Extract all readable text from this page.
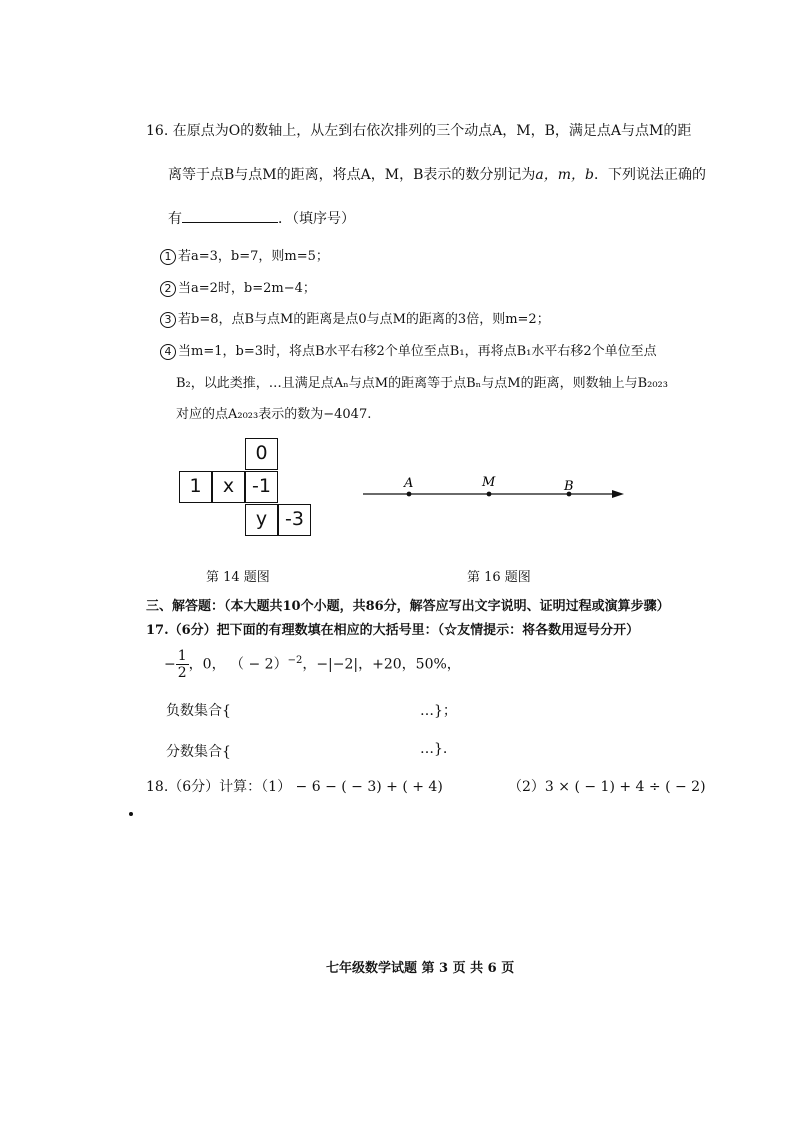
16. 在原点为O的数轴上，从左到右依次排列的三个动点A，M，B，满足点A与点M的距
离等于点B与点M的距离，将点A，M，B表示的数分别记为a，m，b．下列说法正确的
有	．（填序号）
1 若a=3，b=7，则m=5；
2 当a=2时，b=2m−4；
3 若b=8，点B与点M的距离是点0与点M的距离的3倍，则m=2；
4 当m=1，b=3时，将点B水平右移2个单位至点B₁，再将点B₁水平右移2个单位至点
B₂，以此类推，…且满足点Aₙ与点M的距离等于点Bₙ与点M的距离，则数轴上与B₂₀₂₃
对应的点A₂₀₂₃表示的数为−4047.
0
1	x -1
y -3
A	M	B
第 14 题图	第 16 题图
三、解答题：（本大题共10个小题，共86分，解答应写出文字说明、证明过程或演算步骤）
17.（6分）把下面的有理数填在相应的大括号里：（☆友情提示：将各数用逗号分开）
− $\frac{1}{2}$ ，0， （ − 2）$^{-2}$，−|−2|，+20，50%，
负数集合{	…}；
分数集合{	…}.
18.（6分）计算：（1） − 6 − ( − 3) + ( + 4)	（2）3 × ( − 1) + 4 ÷ ( − 2)
七年级数学试题 第 3 页 共 6 页
